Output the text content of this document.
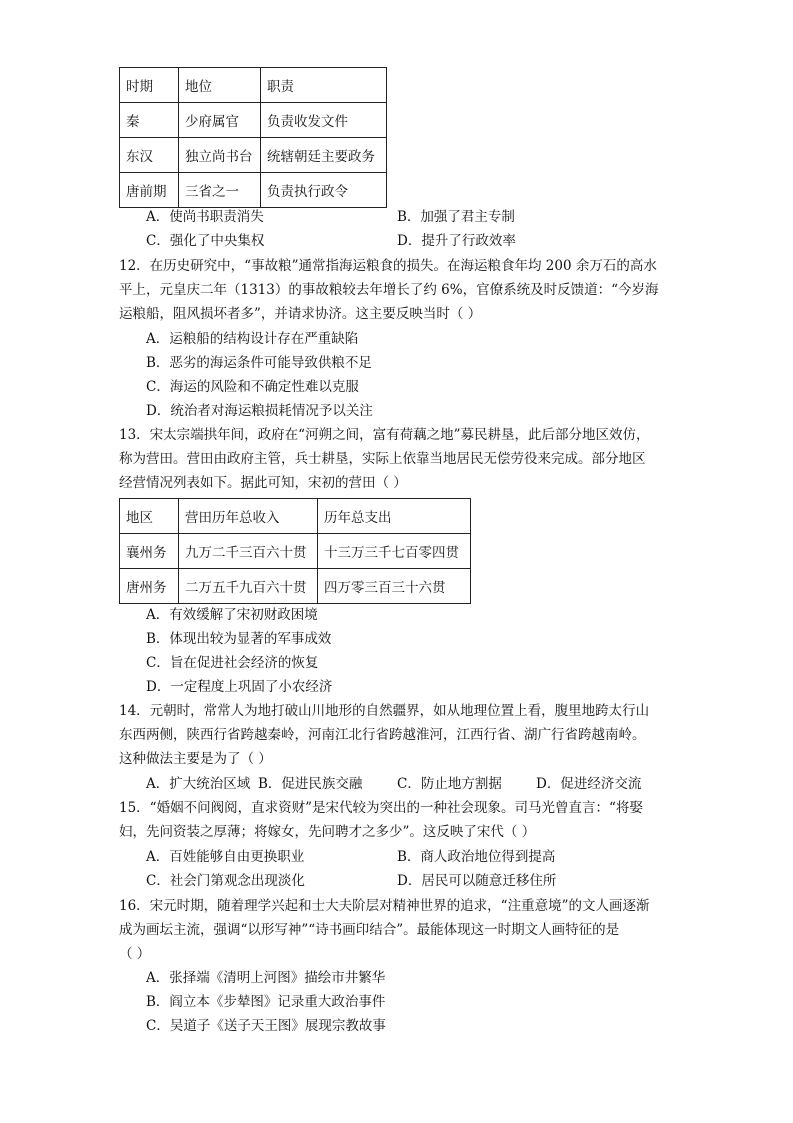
时期	地位	职责
秦	少府属官	负责收发文件
东汉	独立尚书台	统辖朝廷主要政务
唐前期	三省之一	负责执行政令
A．使尚书职责消失	B．加强了君主专制
C．强化了中央集权	D．提升了行政效率
12．在历史研究中，“事故粮”通常指海运粮食的损失。在海运粮食年均 200 余万石的高水
平上，元皇庆二年（1313）的事故粮较去年增长了约 6%，官僚系统及时反馈道：“今岁海
运粮船，阻风损坏者多”，并请求协济。这主要反映当时（ ）
A．运粮船的结构设计存在严重缺陷
B．恶劣的海运条件可能导致供粮不足
C．海运的风险和不确定性难以克服
D．统治者对海运粮损耗情况予以关注
13．宋太宗端拱年间，政府在“河朔之间，富有荷藕之地”募民耕垦，此后部分地区效仿，
称为营田。营田由政府主管，兵士耕垦，实际上依靠当地居民无偿劳役来完成。部分地区
经营情况列表如下。据此可知，宋初的营田（ ）
地区	营田历年总收入	历年总支出
襄州务	九万二千三百六十贯	十三万三千七百零四贯
唐州务	二万五千九百六十贯	四万零三百三十六贯
A．有效缓解了宋初财政困境
B．体现出较为显著的军事成效
C．旨在促进社会经济的恢复
D．一定程度上巩固了小农经济
14．元朝时，常常人为地打破山川地形的自然疆界，如从地理位置上看，腹里地跨太行山
东西两侧，陕西行省跨越秦岭，河南江北行省跨越淮河，江西行省、湖广行省跨越南岭。
这种做法主要是为了（ ）
A．扩大统治区域 B．促进民族交融	C．防止地方割据	D．促进经济交流
15．“婚姻不问阀阅，直求资财”是宋代较为突出的一种社会现象。司马光曾直言：“将娶
妇，先问资装之厚薄；将嫁女，先问聘才之多少”。这反映了宋代（ ）
A．百姓能够自由更换职业	B．商人政治地位得到提高
C．社会门第观念出现淡化	D．居民可以随意迁移住所
16．宋元时期，随着理学兴起和士大夫阶层对精神世界的追求，“注重意境”的文人画逐渐
成为画坛主流，强调“以形写神”“诗书画印结合”。最能体现这一时期文人画特征的是
（ ）
A．张择端《清明上河图》描绘市井繁华
B．阎立本《步辇图》记录重大政治事件
C．吴道子《送子天王图》展现宗教故事
